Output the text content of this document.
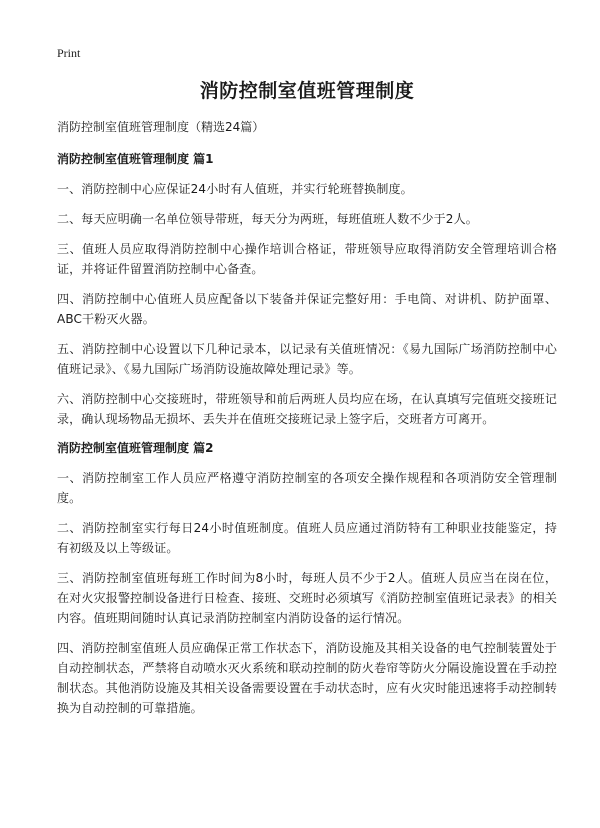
Print
消防控制室值班管理制度

消防控制室值班管理制度（精选24篇）

消防控制室值班管理制度 篇1

一、消防控制中心应保证24小时有人值班，并实行轮班替换制度。

二、每天应明确一名单位领导带班，每天分为两班，每班值班人数不少于2人。

三、值班人员应取得消防控制中心操作培训合格证，带班领导应取得消防安全管理培训合格证，并将证件留置消防控制中心备查。

四、消防控制中心值班人员应配备以下装备并保证完整好用：手电筒、对讲机、防护面罩、ABC干粉灭火器。

五、消防控制中心设置以下几种记录本，以记录有关值班情况：《易九国际广场消防控制中心值班记录》、《易九国际广场消防设施故障处理记录》等。

六、消防控制中心交接班时，带班领导和前后两班人员均应在场，在认真填写完值班交接班记录，确认现场物品无损坏、丢失并在值班交接班记录上签字后，交班者方可离开。

消防控制室值班管理制度 篇2

一、消防控制室工作人员应严格遵守消防控制室的各项安全操作规程和各项消防安全管理制度。

二、消防控制室实行每日24小时值班制度。值班人员应通过消防特有工种职业技能鉴定，持有初级及以上等级证。

三、消防控制室值班每班工作时间为8小时，每班人员不少于2人。值班人员应当在岗在位，在对火灾报警控制设备进行日检查、接班、交班时必须填写《消防控制室值班记录表》的相关内容。值班期间随时认真记录消防控制室内消防设备的运行情况。

四、消防控制室值班人员应确保正常工作状态下，消防设施及其相关设备的电气控制装置处于自动控制状态，严禁将自动喷水灭火系统和联动控制的防火卷帘等防火分隔设施设置在手动控制状态。其他消防设施及其相关设备需要设置在手动状态时，应有火灾时能迅速将手动控制转换为自动控制的可靠措施。
